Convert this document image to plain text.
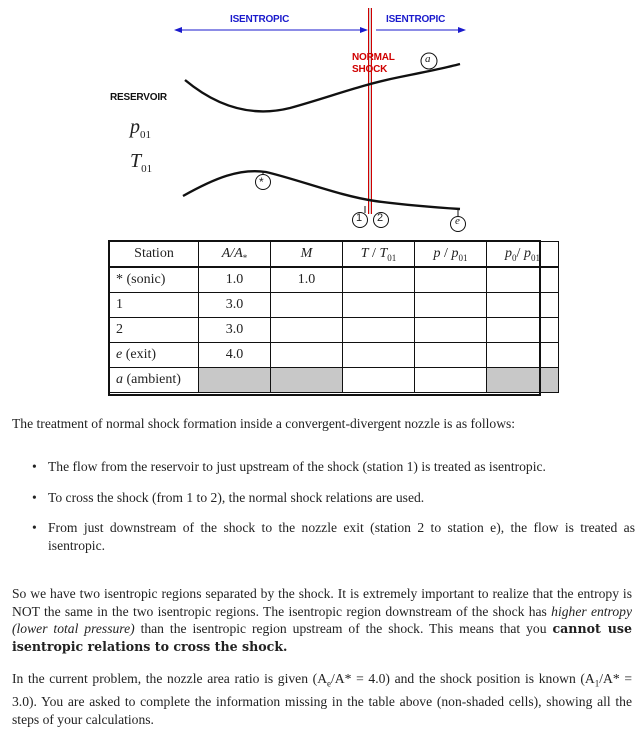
ISENTROPIC	ISENTROPIC
NORMAL
SHOCK
a
*
1 2	e
RESERVOIR
$p_{01}$
$T_{01}$
Station	$A/A_*$	M	T / $T_{01}$	p / $p_{01}$	$p_0/$ $p_{01}$
* (sonic)	1.0	1.0			
1	3.0				
2	3.0				
e (exit)	4.0				
a (ambient)					
The treatment of normal shock formation inside a convergent-divergent nozzle is as follows:
• The flow from the reservoir to just upstream of the shock (station 1) is treated as isentropic.
• To cross the shock (from 1 to 2), the normal shock relations are used.
• From just downstream of the shock to the nozzle exit (station 2 to station e), the flow is treated as isentropic.
So we have two isentropic regions separated by the shock. It is extremely important to realize that the entropy is NOT the same in the two isentropic regions. The isentropic region downstream of the shock has higher entropy (lower total pressure) than the isentropic region upstream of the shock. This means that you cannot use isentropic relations to cross the shock.
In the current problem, the nozzle area ratio is given $(A_e/A* = 4.0)$ and the shock position is known $(A_1/A* = 3.0)$. You are asked to complete the information missing in the table above (non-shaded cells), showing all the steps of your calculations.
